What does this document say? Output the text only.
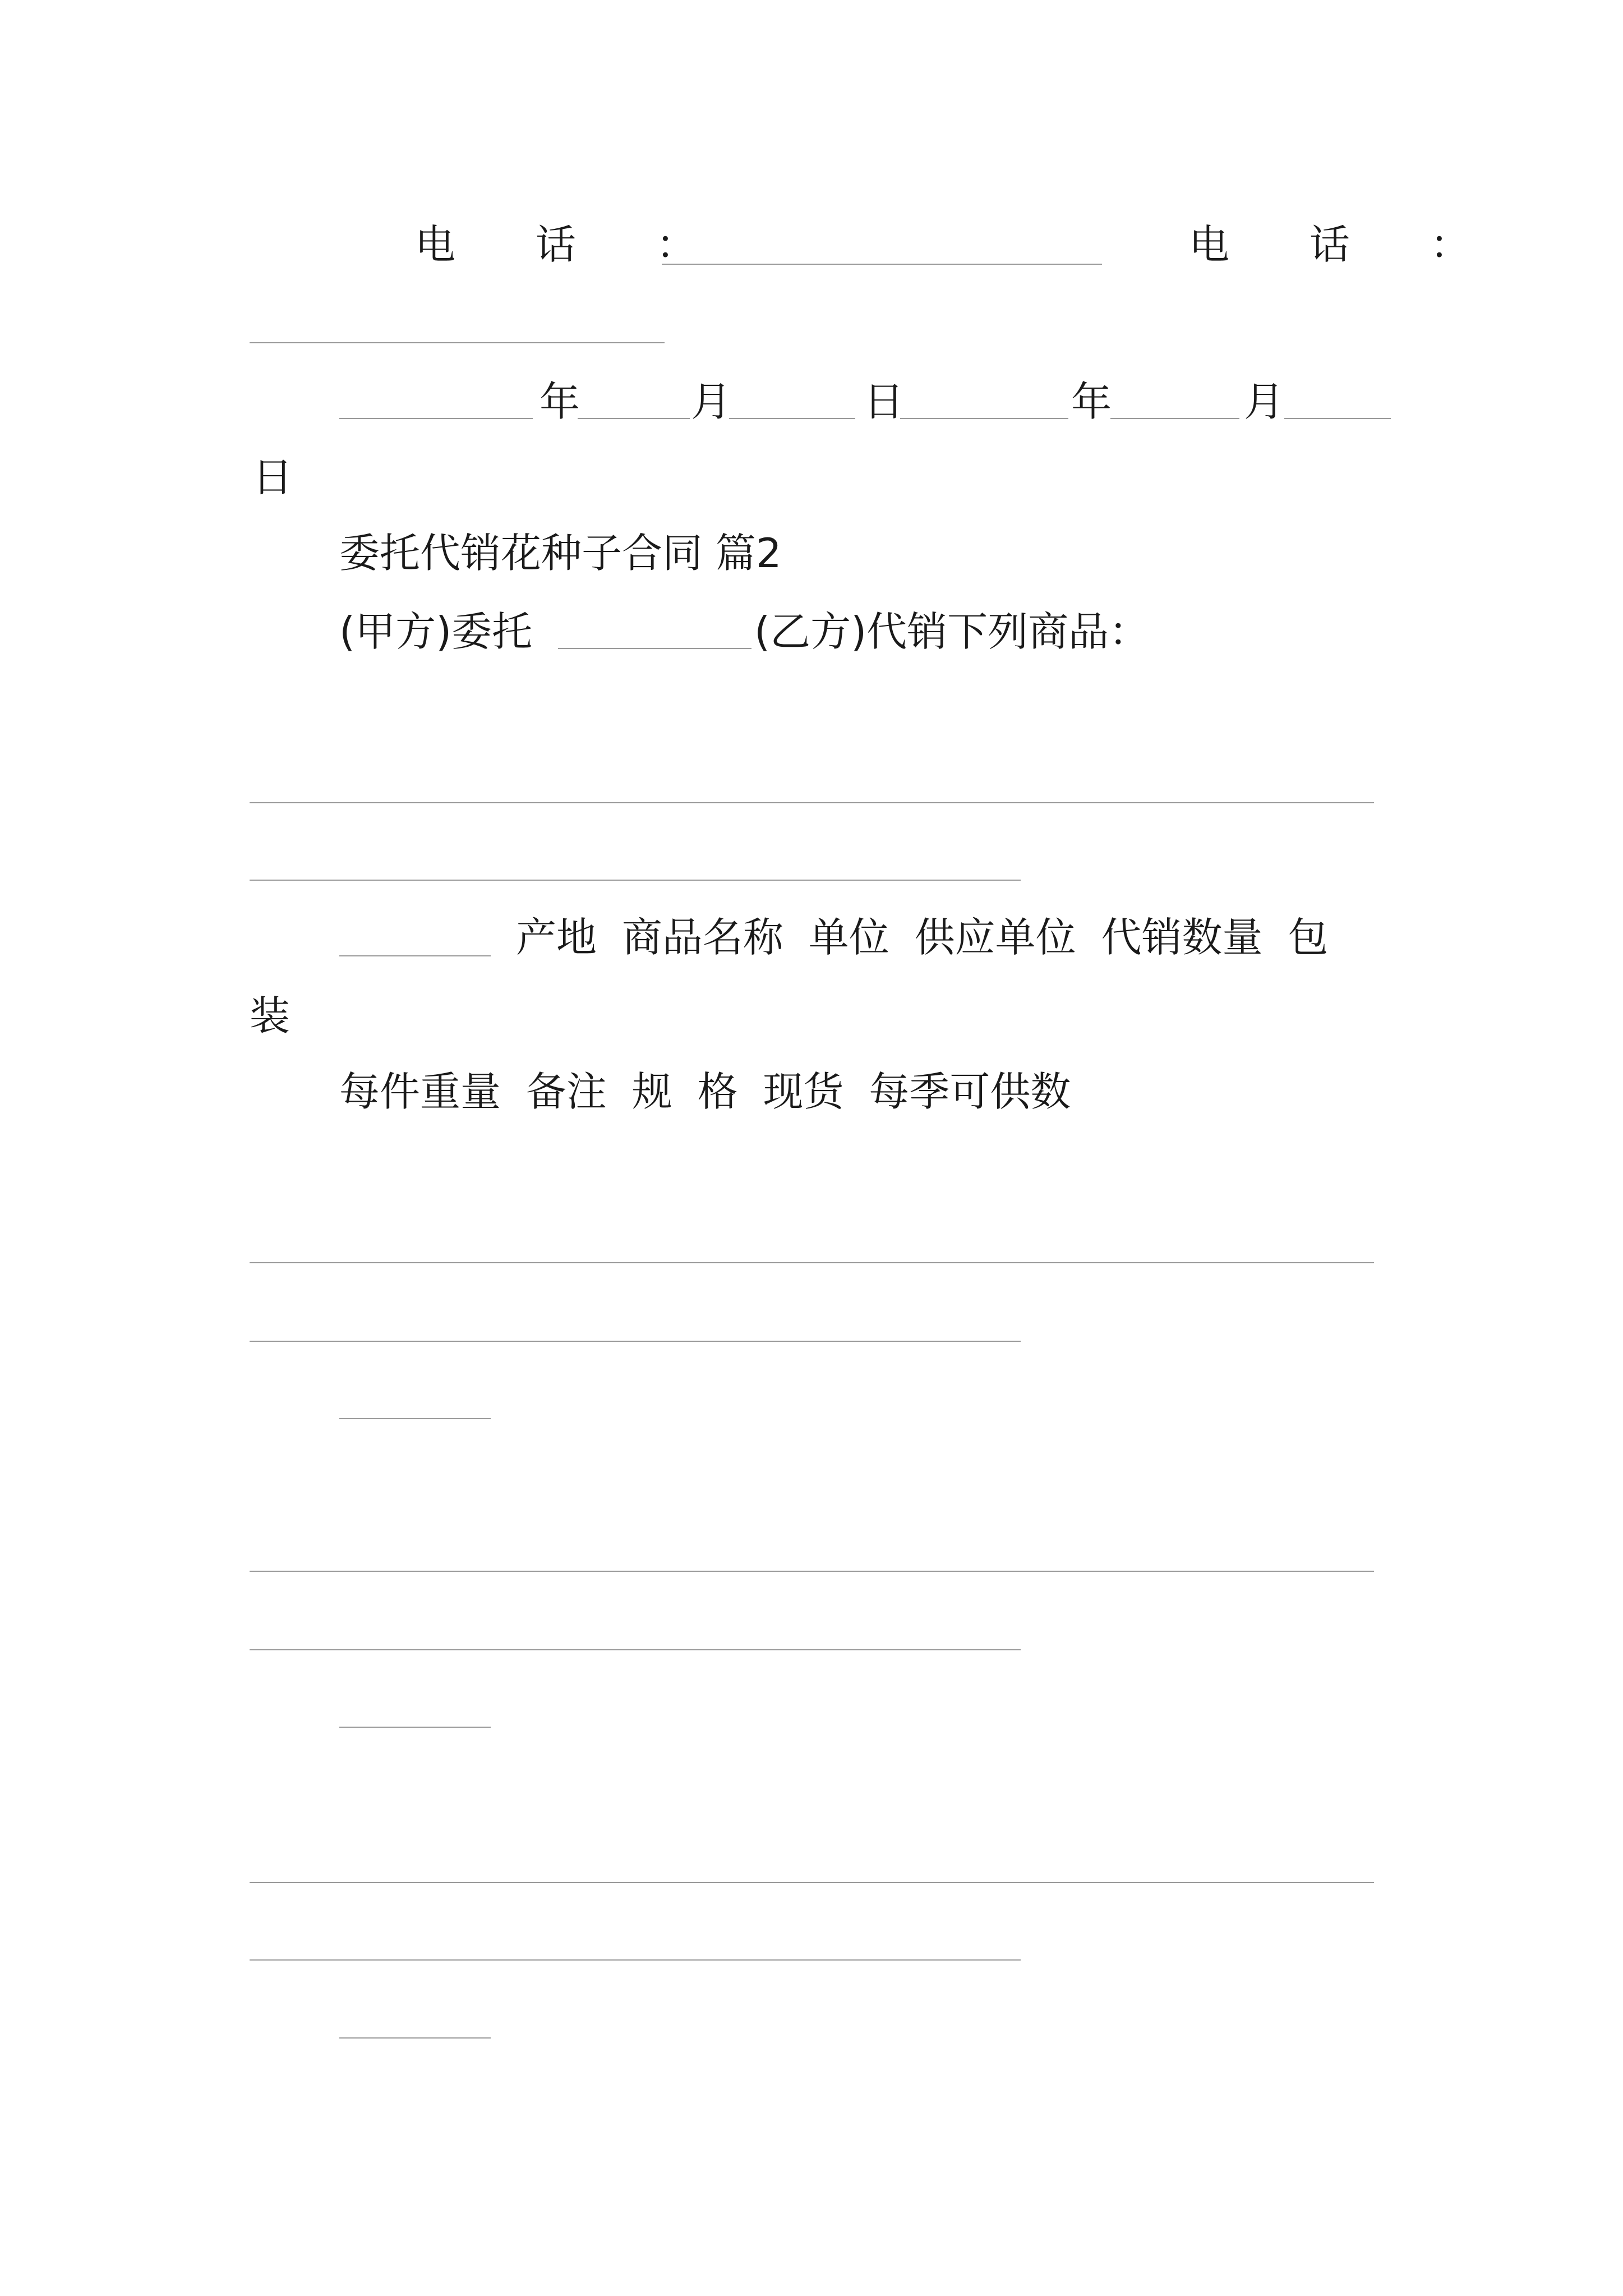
电 话 ：	电 话 ：
年	月	日	年	月
日
委托代销花种子合同 篇2
(甲方)委托	(乙方)代销下列商品：
产地 商品名称 单位 供应单位 代销数量 包
装
每件重量 备注 规 格 现货 每季可供数
